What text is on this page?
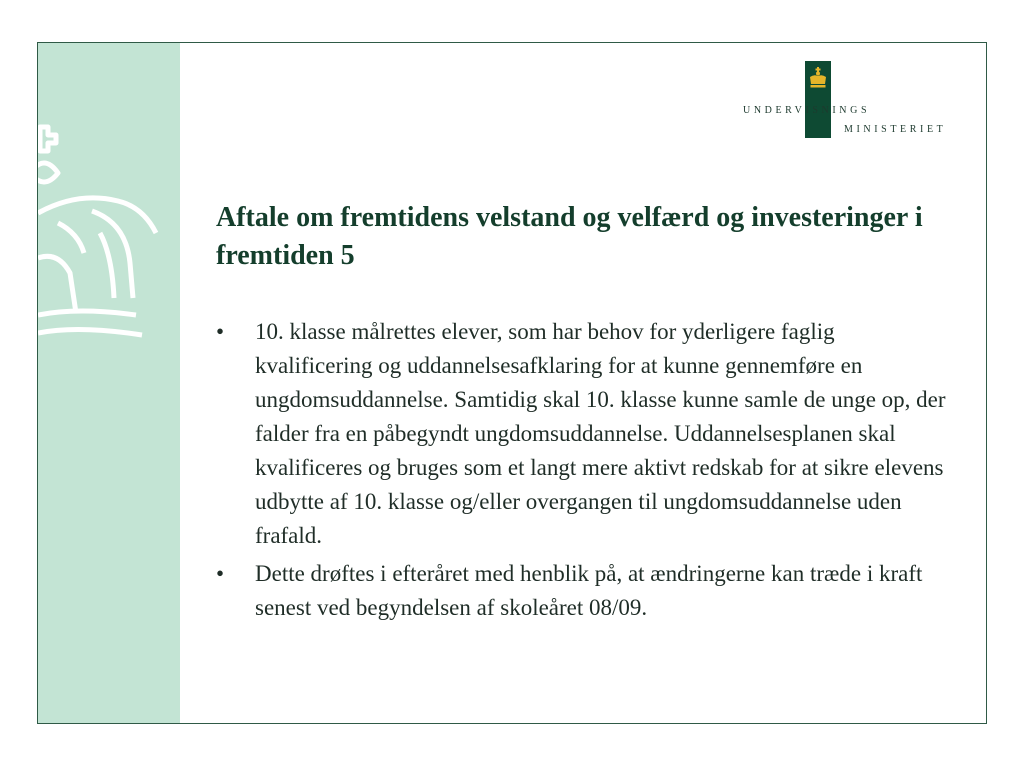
UNDERVISNINGS
MINISTERIET
Aftale om fremtidens velstand og velfærd og investeringer i fremtiden 5
• 10. klasse målrettes elever, som har behov for yderligere faglig kvalificering og uddannelsesafklaring for at kunne gennemføre en ungdomsuddannelse. Samtidig skal 10. klasse kunne samle de unge op, der falder fra en påbegyndt ungdomsuddannelse. Uddannelsesplanen skal kvalificeres og bruges som et langt mere aktivt redskab for at sikre elevens udbytte af 10. klasse og/eller overgangen til ungdomsuddannelse uden frafald.
• Dette drøftes i efteråret med henblik på, at ændringerne kan træde i kraft senest ved begyndelsen af skoleåret 08/09.
